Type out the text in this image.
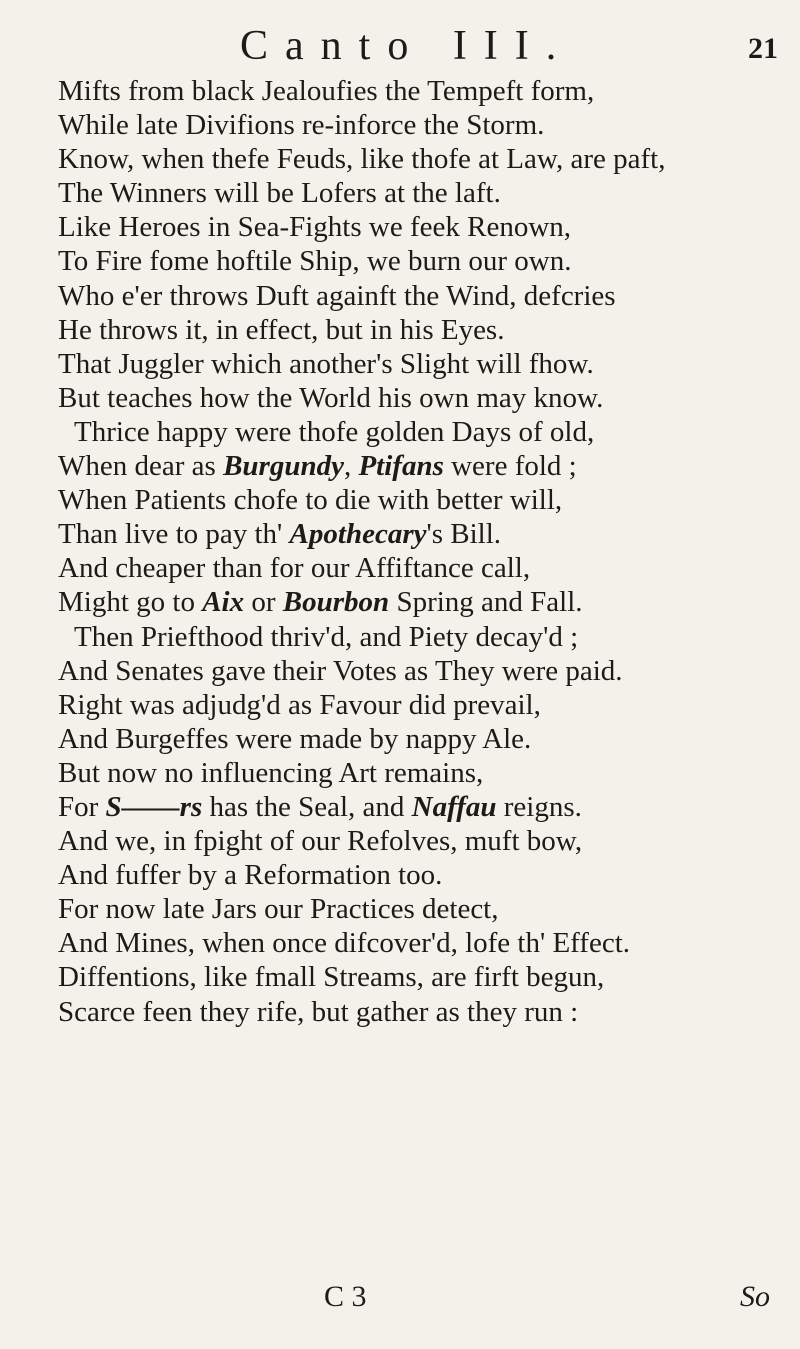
Canto III.	21
Mifts from black Jealoufies the Tempeft form,
While late Divifions re-inforce the Storm.
Know, when thefe Feuds, like thofe at Law, are paft,
The Winners will be Lofers at the laft.
Like Heroes in Sea-Fights we feek Renown,
To Fire fome hoftile Ship, we burn our own.
Who e'er throws Duft againft the Wind, defcries
He throws it, in effect, but in his Eyes.
That Juggler which another's Slight will fhow.
But teaches how the World his own may know.
Thrice happy were thofe golden Days of old,
When dear as Burgundy, Ptifans were fold ;
When Patients chofe to die with better will,
Than live to pay th' Apothecary's Bill.
And cheaper than for our Affiftance call,
Might go to Aix or Bourbon Spring and Fall.
Then Priefthood thriv'd, and Piety decay'd ;
And Senates gave their Votes as They were paid.
Right was adjudg'd as Favour did prevail,
And Burgeffes were made by nappy Ale.
But now no influencing Art remains,
For S——rs has the Seal, and Naffau reigns.
And we, in fpight of our Refolves, muft bow,
And fuffer by a Reformation too.
For now late Jars our Practices detect,
And Mines, when once difcover'd, lofe th' Effect.
Diffentions, like fmall Streams, are firft begun,
Scarce feen they rife, but gather as they run :
C 3	So
